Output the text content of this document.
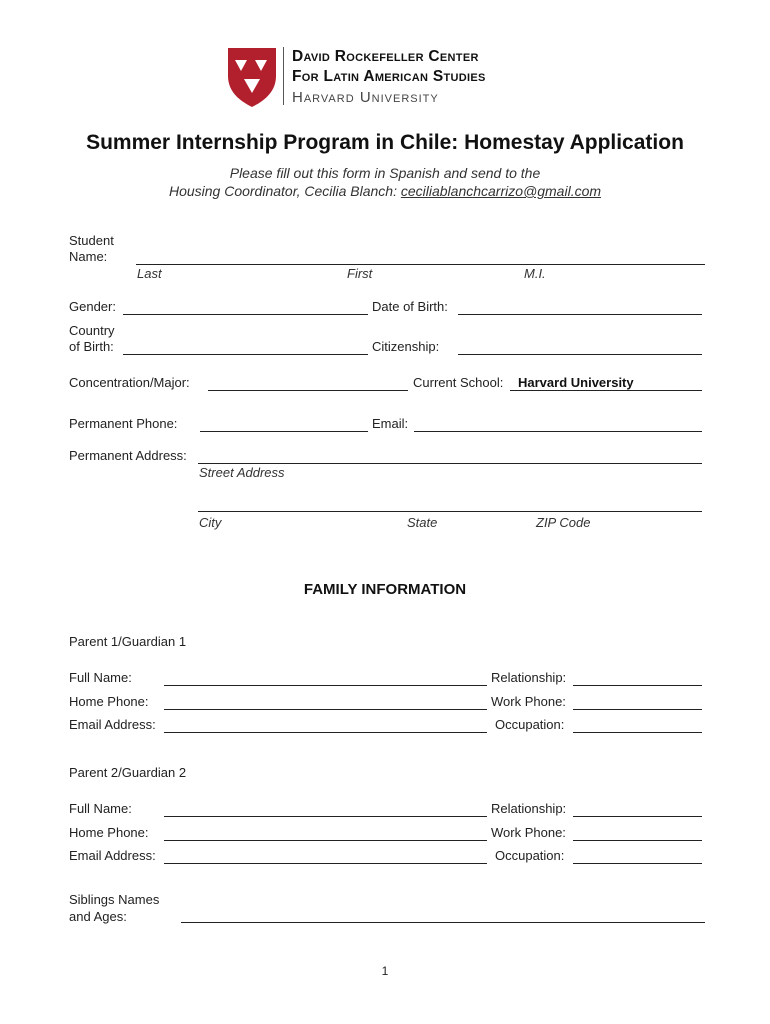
David Rockefeller Center
For Latin American Studies
Harvard University
Summer Internship Program in Chile: Homestay Application
Please fill out this form in Spanish and send to the
Housing Coordinator, Cecilia Blanch: ceciliablanchcarrizo@gmail.com
Student
Name:
Last	First	M.I.
Gender:	Date of Birth:
Country
of Birth:	Citizenship:
Concentration/Major:	Current School: Harvard University
Permanent Phone:	Email:
Permanent Address:
Street Address
City	State	ZIP Code
FAMILY INFORMATION
Parent 1/Guardian 1
Full Name:	Relationship:
Home Phone:	Work Phone:
Email Address:	Occupation:
Parent 2/Guardian 2
Full Name:	Relationship:
Home Phone:	Work Phone:
Email Address:	Occupation:
Siblings Names
and Ages:
1
